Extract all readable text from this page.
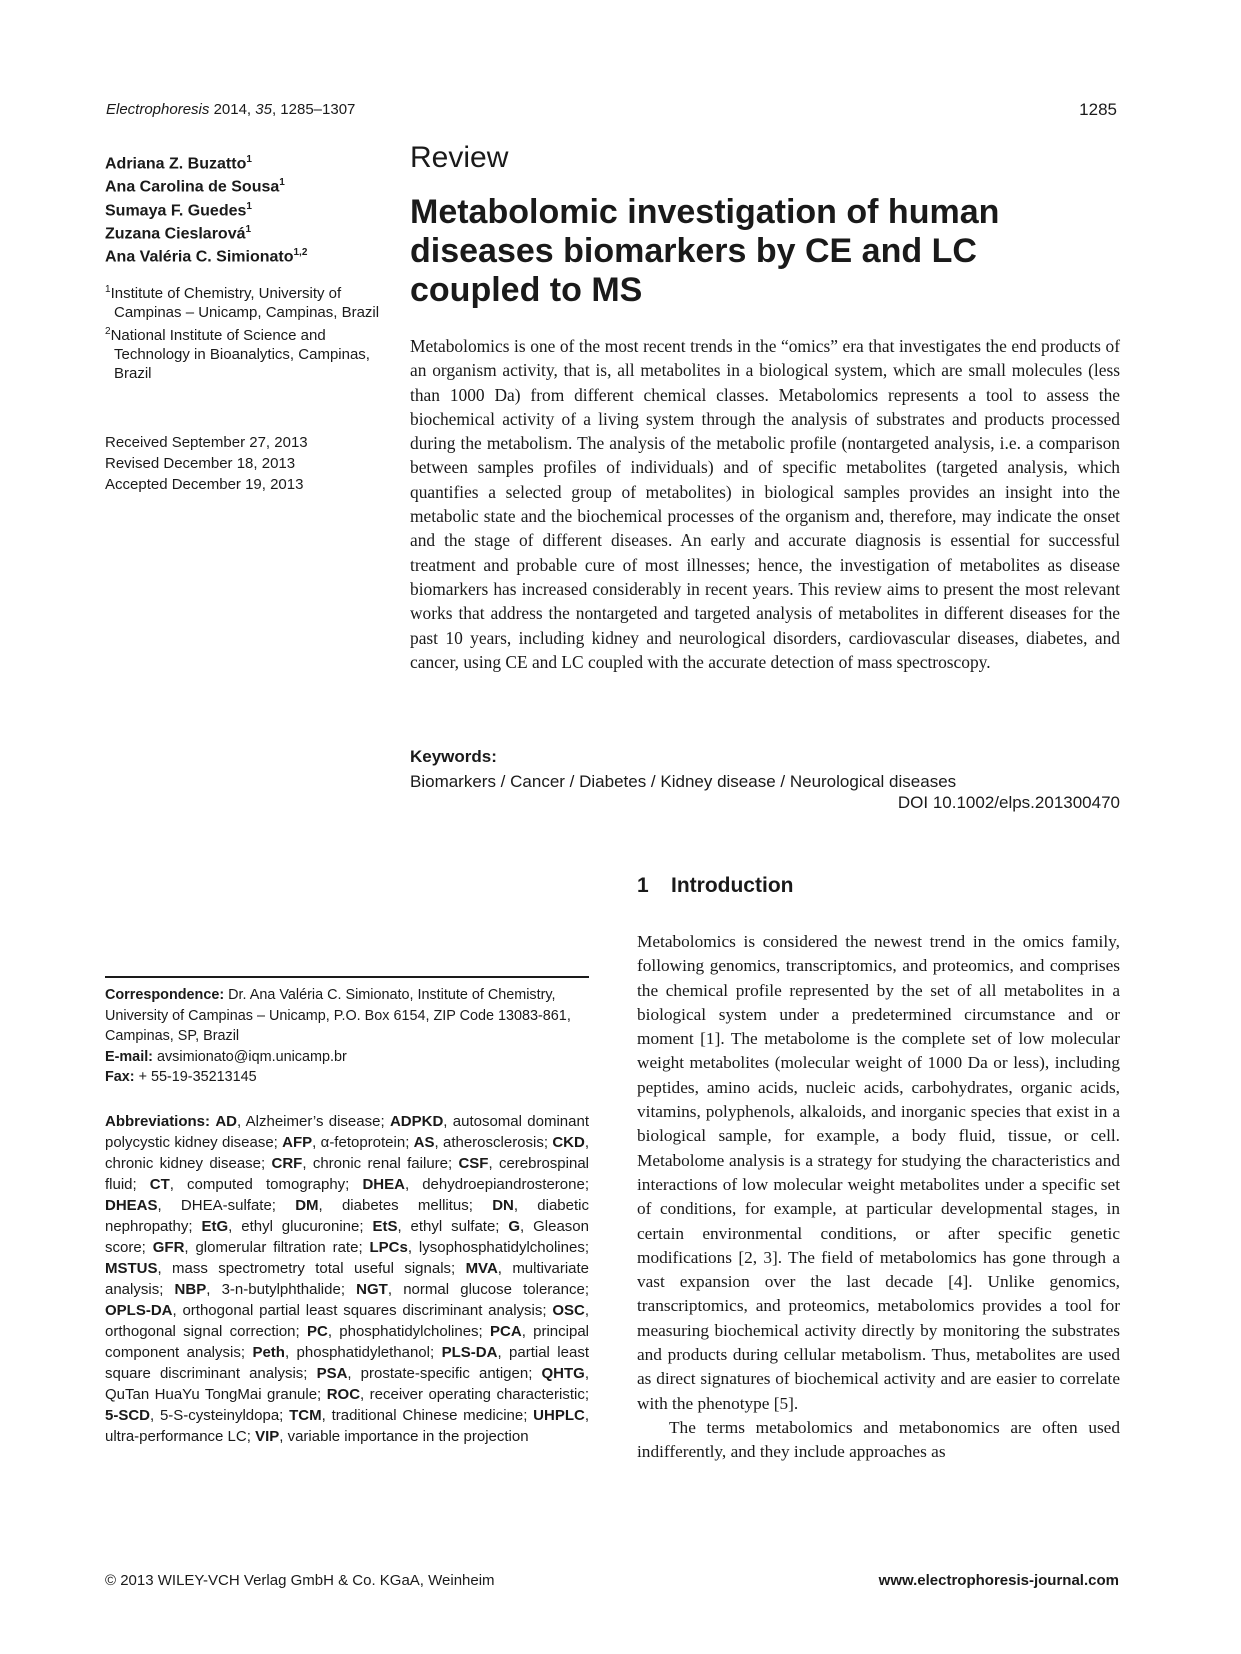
Electrophoresis 2014, 35, 1285–1307	1285
Adriana Z. Buzatto$^1$
Ana Carolina de Sousa$^1$
Sumaya F. Guedes$^1$
Zuzana Cieslarová$^1$
Ana Valéria C. Simionato$^{1,2}$
$^1$Institute of Chemistry, University of Campinas – Unicamp, Campinas, Brazil
$^2$National Institute of Science and Technology in Bioanalytics, Campinas, Brazil
Received September 27, 2013
Revised December 18, 2013
Accepted December 19, 2013
Review
Metabolomic investigation of human diseases biomarkers by CE and LC coupled to MS

Metabolomics is one of the most recent trends in the “omics” era that investigates the end products of an organism activity, that is, all metabolites in a biological system, which are small molecules (less than 1000 Da) from different chemical classes. Metabolomics represents a tool to assess the biochemical activity of a living system through the analysis of substrates and products processed during the metabolism. The analysis of the metabolic profile (nontargeted analysis, i.e. a comparison between samples profiles of individuals) and of specific metabolites (targeted analysis, which quantifies a selected group of metabolites) in biological samples provides an insight into the metabolic state and the biochemical processes of the organism and, therefore, may indicate the onset and the stage of different diseases. An early and accurate diagnosis is essential for successful treatment and probable cure of most illnesses; hence, the investigation of metabolites as disease biomarkers has increased considerably in recent years. This review aims to present the most relevant works that address the nontargeted and targeted analysis of metabolites in different diseases for the past 10 years, including kidney and neurological disorders, cardiovascular diseases, diabetes, and cancer, using CE and LC coupled with the accurate detection of mass spectroscopy.

Keywords:
Biomarkers / Cancer / Diabetes / Kidney disease / Neurological diseases
DOI 10.1002/elps.201300470
1 Introduction

Metabolomics is considered the newest trend in the omics family, following genomics, transcriptomics, and proteomics, and comprises the chemical profile represented by the set of all metabolites in a biological system under a predetermined circumstance and or moment [1]. The metabolome is the complete set of low molecular weight metabolites (molecular weight of 1000 Da or less), including peptides, amino acids, nucleic acids, carbohydrates, organic acids, vitamins, polyphenols, alkaloids, and inorganic species that exist in a biological sample, for example, a body fluid, tissue, or cell. Metabolome analysis is a strategy for studying the characteristics and interactions of low molecular weight metabolites under a specific set of conditions, for example, at particular developmental stages, in certain environmental conditions, or after specific genetic modifications [2, 3]. The field of metabolomics has gone through a vast expansion over the last decade [4]. Unlike genomics, transcriptomics, and proteomics, metabolomics provides a tool for measuring biochemical activity directly by monitoring the substrates and products during cellular metabolism. Thus, metabolites are used as direct signatures of biochemical activity and are easier to correlate with the phenotype [5].

The terms metabolomics and metabonomics are often used indifferently, and they include approaches as

Correspondence: Dr. Ana Valéria C. Simionato, Institute of Chemistry, University of Campinas – Unicamp, P.O. Box 6154, ZIP Code 13083-861, Campinas, SP, Brazil

E-mail: avsimionato@iqm.unicamp.br

Fax: + 55-19-35213145

Abbreviations: AD, Alzheimer’s disease; ADPKD, autosomal dominant polycystic kidney disease; AFP, α-fetoprotein; AS, atherosclerosis; CKD, chronic kidney disease; CRF, chronic renal failure; CSF, cerebrospinal fluid; CT, computed tomography; DHEA, dehydroepiandrosterone; DHEAS, DHEA-sulfate; DM, diabetes mellitus; DN, diabetic nephropathy; EtG, ethyl glucuronine; EtS, ethyl sulfate; G, Gleason score; GFR, glomerular filtration rate; LPCs, lysophosphatidylcholines; MSTUS, mass spectrometry total useful signals; MVA, multivariate analysis; NBP, 3-n-butylphthalide; NGT, normal glucose tolerance; OPLS-DA, orthogonal partial least squares discriminant analysis; OSC, orthogonal signal correction; PC, phosphatidylcholines; PCA, principal component analysis; Peth, phosphatidylethanol; PLS-DA, partial least square discriminant analysis; PSA, prostate-specific antigen; QHTG, QuTan HuaYu TongMai granule; ROC, receiver operating characteristic; 5-SCD, 5-S-cysteinyldopa; TCM, traditional Chinese medicine; UHPLC, ultra-performance LC; VIP, variable importance in the projection

© 2013 WILEY-VCH Verlag GmbH & Co. KGaA, Weinheim	www.electrophoresis-journal.com
